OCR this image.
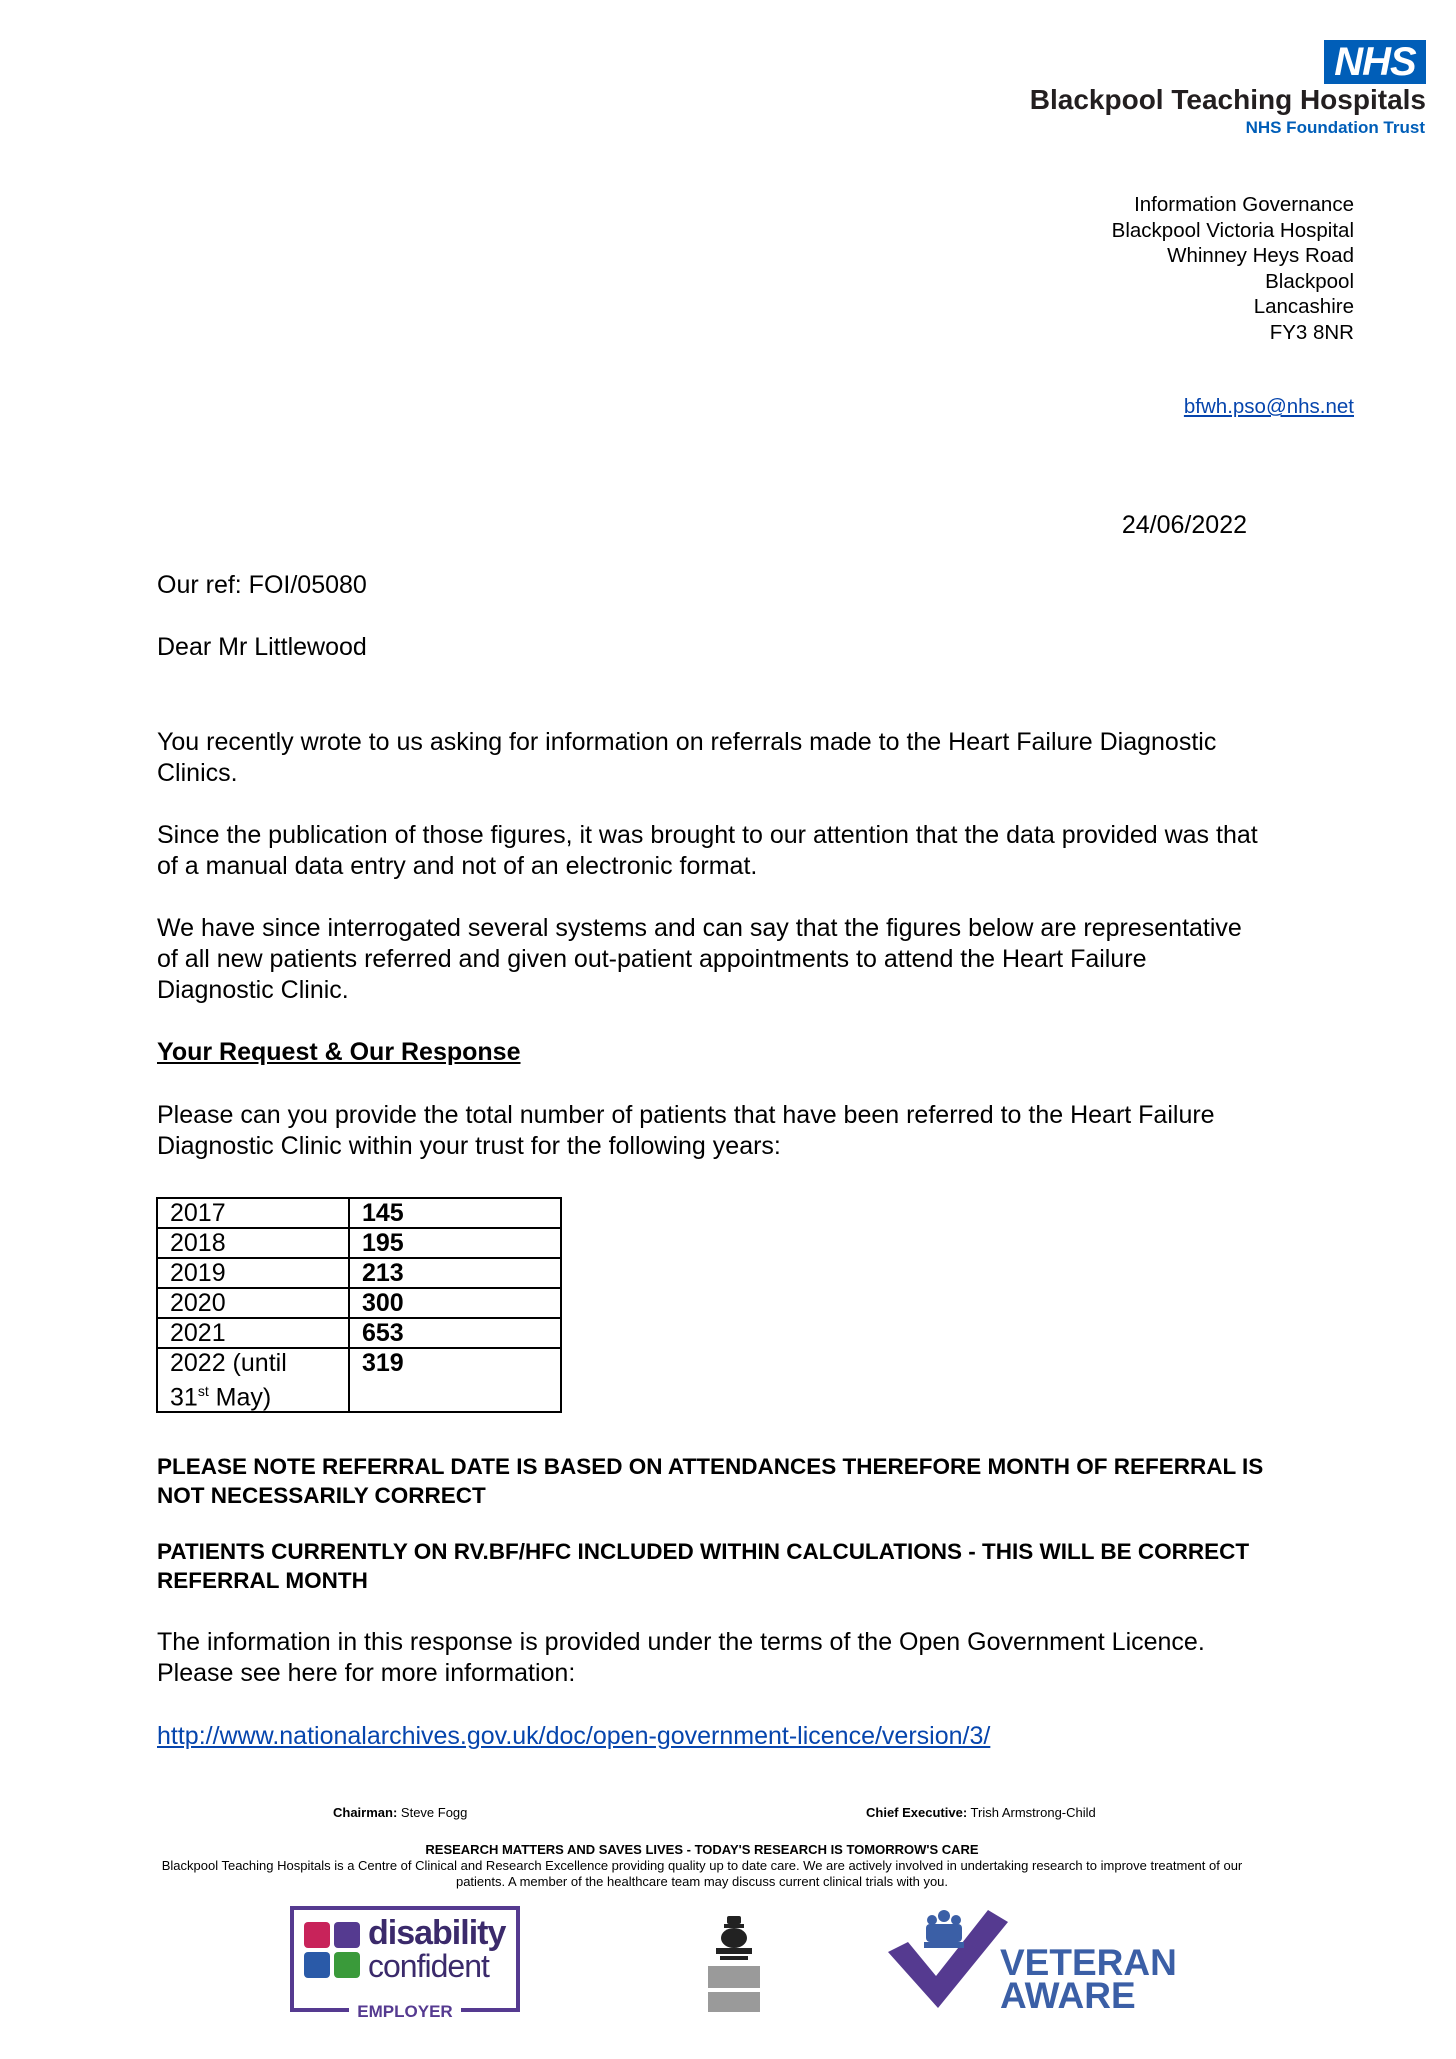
NHS
Blackpool Teaching Hospitals
NHS Foundation Trust
Information Governance
Blackpool Victoria Hospital
Whinney Heys Road
Blackpool
Lancashire
FY3 8NR
bfwh.pso@nhs.net
24/06/2022
Our ref: FOI/05080
Dear Mr Littlewood
You recently wrote to us asking for information on referrals made to the Heart Failure Diagnostic Clinics.
Since the publication of those figures, it was brought to our attention that the data provided was that of a manual data entry and not of an electronic format.
We have since interrogated several systems and can say that the figures below are representative of all new patients referred and given out-patient appointments to attend the Heart Failure Diagnostic Clinic.
Your Request & Our Response
Please can you provide the total number of patients that have been referred to the Heart Failure Diagnostic Clinic within your trust for the following years:
2017	145
2018	195
2019	213
2020	300
2021	653

2022 (until
31st May)	319
PLEASE NOTE REFERRAL DATE IS BASED ON ATTENDANCES THEREFORE MONTH OF REFERRAL IS NOT NECESSARILY CORRECT
PATIENTS CURRENTLY ON RV.BF/HFC INCLUDED WITHIN CALCULATIONS - THIS WILL BE CORRECT REFERRAL MONTH
The information in this response is provided under the terms of the Open Government Licence. Please see here for more information:
http://www.nationalarchives.gov.uk/doc/open-government-licence/version/3/
Chairman: Steve Fogg	Chief Executive: Trish Armstrong-Child
RESEARCH MATTERS AND SAVES LIVES - TODAY'S RESEARCH IS TOMORROW'S CARE
Blackpool Teaching Hospitals is a Centre of Clinical and Research Excellence providing quality up to date care. We are actively involved in undertaking research to improve treatment of our patients. A member of the healthcare team may discuss current clinical trials with you.
disability
confident
EMPLOYER
VETERAN
AWARE
